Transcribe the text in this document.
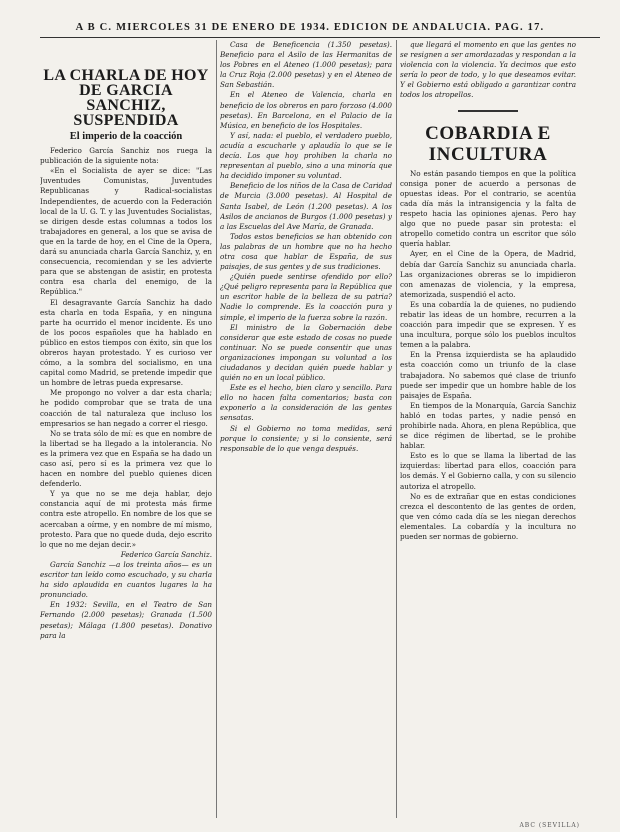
A B C. MIERCOLES 31 DE ENERO DE 1934. EDICION DE ANDALUCIA. PAG. 17.
LA CHARLA DE HOY DE GARCIA SANCHIZ, SUSPENDIDA
El imperio de la coacción

Federico García Sanchiz nos ruega la publicación de la siguiente nota:

«En el Socialista de ayer se dice: "Las Juventudes Comunistas, Juventudes Republicanas y Radical-socialistas Independientes, de acuerdo con la Federación local de la U. G. T. y las Juventudes Socialistas, se dirigen desde estas columnas a todos los trabajadores en general, a los que se avisa de que en la tarde de hoy, en el Cine de la Opera, dará su anunciada charla García Sanchiz, y, en consecuencia, recomiendan y se les advierte para que se abstengan de asistir, en protesta contra esa charla del enemigo, de la República."

El desagravante García Sanchiz ha dado esta charla en toda España, y en ninguna parte ha ocurrido el menor incidente. Es uno de los pocos españoles que ha hablado en público en estos tiempos con éxito, sin que los obreros hayan protestado. Y es curioso ver cómo, a la sombra del socialismo, en una capital como Madrid, se pretende impedir que un hombre de letras pueda expresarse.

Me propongo no volver a dar esta charla; he podido comprobar que se trata de una coacción de tal naturaleza que incluso los empresarios se han negado a correr el riesgo.

No se trata sólo de mí: es que en nombre de la libertad se ha llegado a la intolerancia. No es la primera vez que en España se ha dado un caso así, pero sí es la primera vez que lo hacen en nombre del pueblo quienes dicen defenderlo.

Y ya que no se me deja hablar, dejo constancia aquí de mi protesta más firme contra este atropello. En nombre de los que se acercaban a oírme, y en nombre de mí mismo, protesto. Para que no quede duda, dejo escrito lo que no me dejan decir.»

Federico García Sanchiz.

García Sanchiz —a los treinta años— es un escritor tan leído como escuchado, y su charla ha sido aplaudida en cuantos lugares la ha pronunciado.

En 1932: Sevilla, en el Teatro de San Fernando (2.000 pesetas); Granada (1.500 pesetas); Málaga (1.800 pesetas). Donativo para la

Casa de Beneficencia (1.350 pesetas). Beneficio para el Asilo de las Hermanitas de los Pobres en el Ateneo (1.000 pesetas); para la Cruz Roja (2.000 pesetas) y en el Ateneo de San Sebastián.

En el Ateneo de Valencia, charla en beneficio de los obreros en paro forzoso (4.000 pesetas). En Barcelona, en el Palacio de la Música, en beneficio de los Hospitales.

Y así, nada: el pueblo, el verdadero pueblo, acudía a escucharle y aplaudía lo que se le decía. Los que hoy prohiben la charla no representan al pueblo, sino a una minoría que ha decidido imponer su voluntad.

Beneficio de los niños de la Casa de Caridad de Murcia (3.000 pesetas). Al Hospital de Santa Isabel, de León (1.200 pesetas). A los Asilos de ancianos de Burgos (1.000 pesetas) y a las Escuelas del Ave María, de Granada.

Todos estos beneficios se han obtenido con las palabras de un hombre que no ha hecho otra cosa que hablar de España, de sus paisajes, de sus gentes y de sus tradiciones.

¿Quién puede sentirse ofendido por ello? ¿Qué peligro representa para la República que un escritor hable de la belleza de su patria? Nadie lo comprende. Es la coacción pura y simple, el imperio de la fuerza sobre la razón.

El ministro de la Gobernación debe considerar que este estado de cosas no puede continuar. No se puede consentir que unas organizaciones impongan su voluntad a los ciudadanos y decidan quién puede hablar y quién no en un local público.

Este es el hecho, bien claro y sencillo. Para ello no hacen falta comentarios; basta con exponerlo a la consideración de las gentes sensatas.

Si el Gobierno no toma medidas, será porque lo consiente; y si lo consiente, será responsable de lo que venga después.

que llegará el momento en que las gentes no se resignen a ser amordazadas y respondan a la violencia con la violencia. Ya decimos que esto sería lo peor de todo, y lo que deseamos evitar. Y el Gobierno está obligado a garantizar contra todos los atropellos.

COBARDIA E INCULTURA

No están pasando tiempos en que la política consiga poner de acuerdo a personas de opuestas ideas. Por el contrario, se acentúa cada día más la intransigencia y la falta de respeto hacia las opiniones ajenas. Pero hay algo que no puede pasar sin protesta: el atropello cometido contra un escritor que sólo quería hablar.

Ayer, en el Cine de la Opera, de Madrid, debía dar García Sanchiz su anunciada charla. Las organizaciones obreras se lo impidieron con amenazas de violencia, y la empresa, atemorizada, suspendió el acto.

Es una cobardía la de quienes, no pudiendo rebatir las ideas de un hombre, recurren a la coacción para impedir que se expresen. Y es una incultura, porque sólo los pueblos incultos temen a la palabra.

En la Prensa izquierdista se ha aplaudido esta coacción como un triunfo de la clase trabajadora. No sabemos qué clase de triunfo puede ser impedir que un hombre hable de los paisajes de España.

En tiempos de la Monarquía, García Sanchiz habló en todas partes, y nadie pensó en prohibirle nada. Ahora, en plena República, que se dice régimen de libertad, se le prohibe hablar.

Esto es lo que se llama la libertad de las izquierdas: libertad para ellos, coacción para los demás. Y el Gobierno calla, y con su silencio autoriza el atropello.

No es de extrañar que en estas condiciones crezca el descontento de las gentes de orden, que ven cómo cada día se les niegan derechos elementales. La cobardía y la incultura no pueden ser normas de gobierno.

ABC (SEVILLA)
